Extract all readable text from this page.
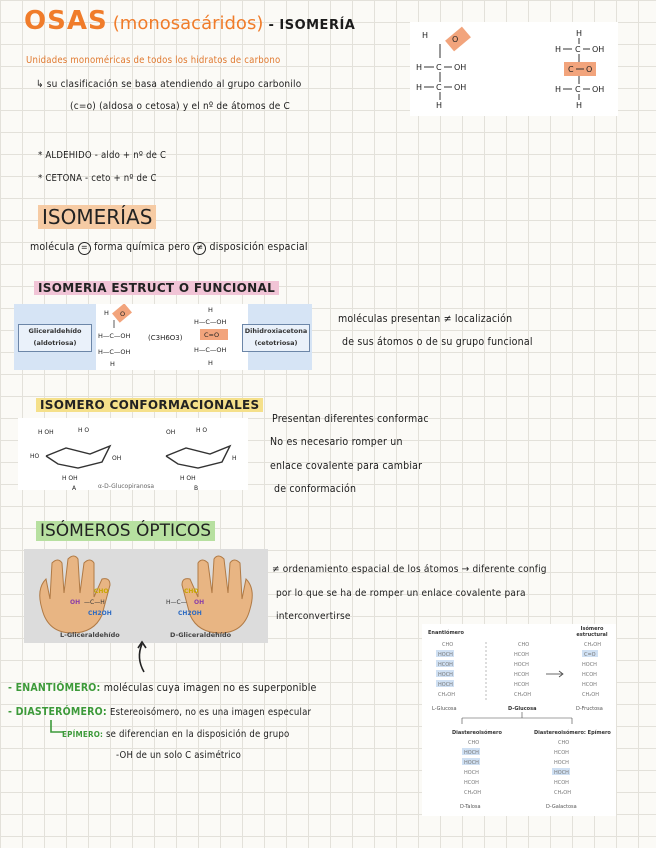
OSAS (monosacáridos) - ISOMERÍA
Unidades monoméricas de todos los hidratos de carbono
↳ su clasificación se basa atendiendo al grupo carbonilo
(c=o) (aldosa o cetosa) y el nº de átomos de C
H	O
H C OH
H C OH
H
H
H C OH
C O
H C OH
H
* ALDEHIDO - aldo + nº de C
* CETONA - ceto + nº de C
ISOMERÍAS
molécula = forma química pero ≠ disposición espacial
ISOMERIA ESTRUCT O FUNCIONAL
Gliceraldehído
(aldotriosa)
H O
H—C—OH
H—C—OH
H
(C3H6O3)
H
H—C—OH
C=O
H—C—OH
H
Dihidroxiacetona
(cetotriosa)
moléculas presentan ≠ localización
de sus átomos o de su grupo funcional
ISOMERO CONFORMACIONALES
H OH
HO
H O
OH
H OH
OH	H O
H
H OH
A	B
α-D-Glucopiranosa
Presentan diferentes conformac
No es necesario romper un
enlace covalente para cambiar
de conformación
ISÓMEROS ÓPTICOS
CHO
OH —C—H
CH2OH
CHO
H—C— OH
CH2OH
L-Gliceraldehído	D-Gliceraldehído
≠ ordenamiento espacial de los átomos → diferente config
por lo que se ha de romper un enlace covalente para
interconvertirse
- ENANTIÓMERO: moléculas cuya imagen no es superponible
- DIASTERÓMERO: Estereoisómero, no es una imagen especular
EPÍMERO: se diferencian en la disposición de grupo
-OH de un solo C asimétrico
Enantiómero
Isómero estructural
CHO	CHO	CH₂OH
HOCH	HCOH	C=O
HCOH	HOCH	HOCH
HOCH	HCOH	HCOH
HOCH	HCOH	HCOH
CH₂OH	CH₂OH	CH₂OH
CHO	CHO
HOCH	HCOH
HOCH	HOCH
HOCH	HOCH
HCOH	HCOH
CH₂OH	CH₂OH
L-Glucosa	D-Glucosa	D-Fructosa
Diastereoisómero	Diastereoisómero: Epímero
D-Talosa	D-Galactosa
